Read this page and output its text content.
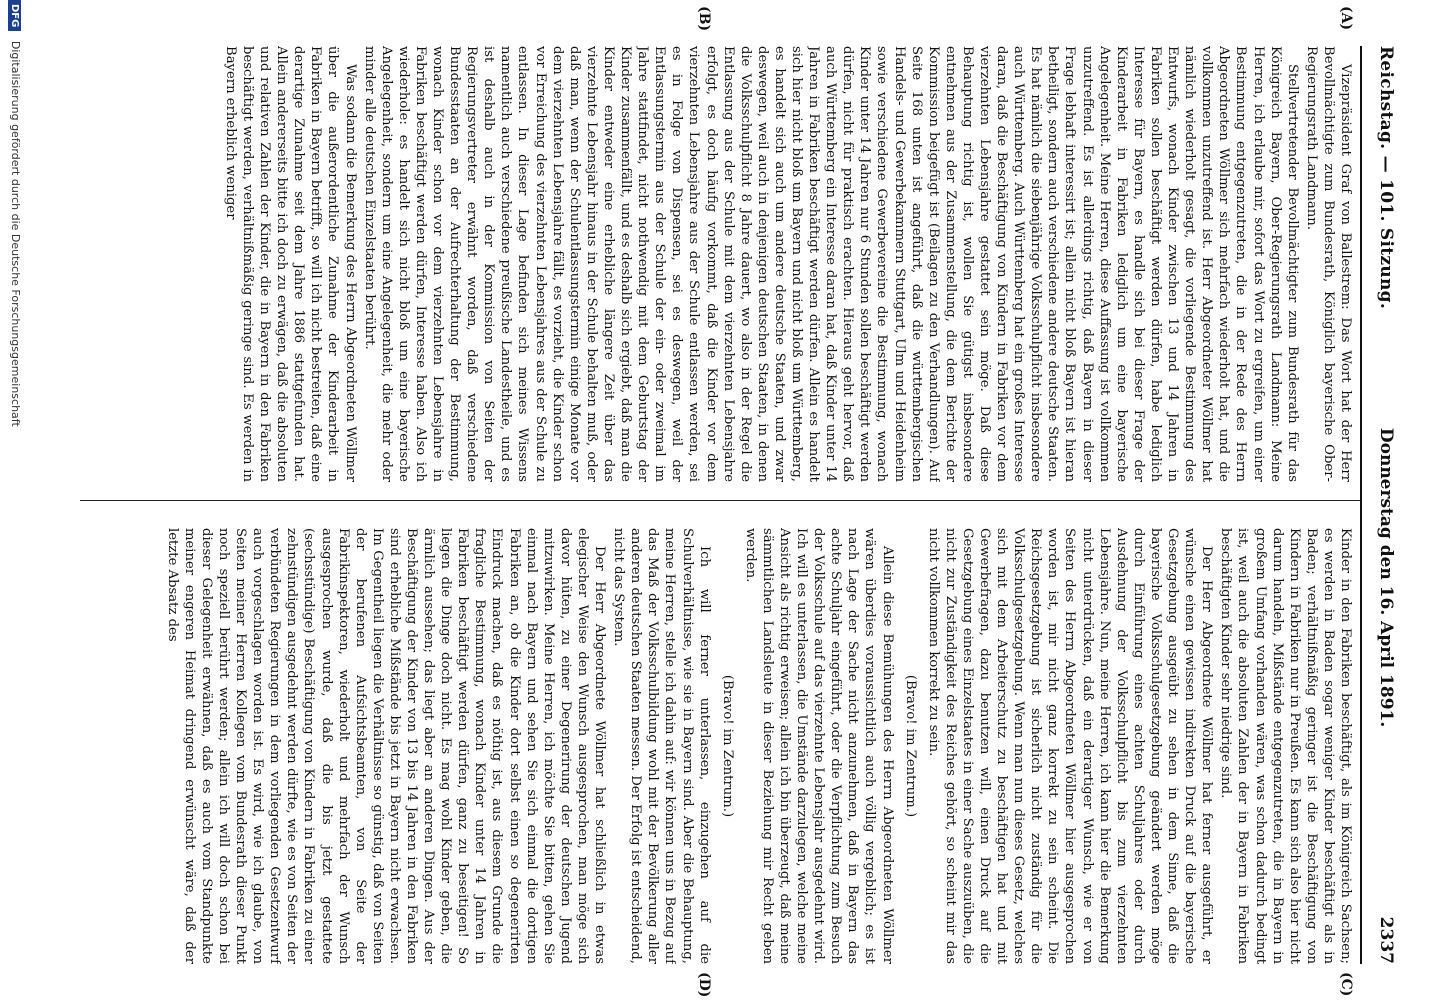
Reichstag. — 101. Sitzung.
Donnerstag den 16. April 1891.                                2337
(A)
(B)
(C)
(D)

Vizepräsident Graf von Ballestrem: Das Wort hat der Herr Bevollmächtigte zum Bundesrath, Königlich bayerische Ober-Regierungsrath Landmann.

Stellvertretender Bevollmächtigter zum Bundesrath für das Königreich Bayern, Ober-Regierungsrath Landmann: Meine Herren, ich erlaube mir, sofort das Wort zu ergreifen, um einer Bestimmung entgegenzutreten, die in der Rede des Herrn Abgeordneten Wöllmer sich mehrfach wiederholt hat, und die vollkommen unzutreffend ist. Herr Abgeordneter Wöllmer hat nämlich wiederholt gesagt, die vorliegende Bestimmung des Entwurfs, wonach Kinder zwischen 13 und 14 Jahren in Fabriken sollen beschäftigt werden dürfen, habe lediglich Interesse für Bayern, es handle sich bei dieser Frage der Kinderarbeit in Fabriken lediglich um eine bayerische Angelegenheit. Meine Herren, diese Auffassung ist vollkommen unzutreffend. Es ist allerdings richtig, daß Bayern in dieser Frage lebhaft interessirt ist; allein nicht bloß Bayern ist hieran betheiligt, sondern auch verschiedene andere deutsche Staaten. Es hat nämlich die siebenjährige Volksschulpflicht insbesondere auch Württemberg. Auch Württemberg hat ein großes Interesse daran, daß die Beschäftigung von Kindern in Fabriken vor dem vierzehnten Lebensjahre gestattet sein möge. Daß diese Behauptung richtig ist, wollen Sie gütigst insbesondere entnehmen aus der Zusammenstellung, die dem Berichte der Kommission beigefügt ist (Beilagen zu den Verhandlungen). Auf Seite 168 unten ist angeführt, daß die württembergischen Handels- und Gewerbekammern Stuttgart, Ulm und Heidenheim sowie verschiedene Gewerbevereine die Bestimmung, wonach Kinder unter 14 Jahren nur 6 Stunden sollen beschäftigt werden dürfen, nicht für praktisch erachten. Hieraus geht hervor, daß auch Württemberg ein Interesse daran hat, daß Kinder unter 14 Jahren in Fabriken beschäftigt werden dürfen. Allein es handelt sich hier nicht bloß um Bayern und nicht bloß um Württemberg, es handelt sich auch um andere deutsche Staaten, und zwar deswegen, weil auch in denjenigen deutschen Staaten, in denen die Volksschulpflicht 8 Jahre dauert, wo also in der Regel die Entlassung aus der Schule mit dem vierzehnten Lebensjahre erfolgt, es doch häufig vorkommt, daß die Kinder vor dem vierzehnten Lebensjahre aus der Schule entlassen werden, sei es in Folge von Dispensen, sei es deswegen, weil der Entlassungstermin aus der Schule der ein- oder zweimal im Jahre stattfindet, nicht nothwendig mit dem Geburtstag der Kinder zusammenfällt, und es deshalb sich ergiebt, daß man die Kinder entweder eine erhebliche längere Zeit über das vierzehnte Lebensjahr hinaus in der Schule behalten muß, oder daß man, wenn der Schulentlassungstermin einige Monate vor dem vierzehnten Lebensjahre fällt, es vorzieht, die Kinder schon vor Erreichung des vierzehnten Lebensjahres aus der Schule zu entlassen. In dieser Lage befinden sich meines Wissens namentlich auch verschiedene preußische Landestheile, und es ist deshalb auch in der Kommission von Seiten der Regierungsvertreter erwähnt worden, daß verschiedene Bundesstaaten an der Aufrechterhaltung der Bestimmung, wonach Kinder schon vor dem vierzehnten Lebensjahre in Fabriken beschäftigt werden dürfen, Interesse haben. Also ich wiederhole: es handelt sich nicht bloß um eine bayerische Angelegenheit, sondern um eine Angelegenheit, die mehr oder minder alle deutschen Einzelstaaten berührt.

Was sodann die Bemerkung des Herrn Abgeordneten Wöllmer über die außerordentliche Zunahme der Kinderarbeit in Fabriken in Bayern betrifft, so will ich nicht bestreiten, daß eine derartige Zunahme seit dem Jahre 1886 stattgefunden hat. Allein andererseits bitte ich doch zu erwägen, daß die absoluten und relativen Zahlen der Kinder, die in Bayern in den Fabriken beschäftigt werden, verhältnißmäßig geringe sind. Es werden in Bayern erheblich weniger

Kinder in den Fabriken beschäftigt, als im Königreich Sachsen; es werden in Baden sogar weniger Kinder beschäftigt als in Baden; verhältnißmäßig geringer ist die Beschäftigung von Kindern in Fabriken nur in Preußen. Es kann sich also hier nicht darum handeln, Mißstände entgegenzutreten, die in Bayern in großem Umfang vorhanden wären, was schon dadurch bedingt ist, weil auch die absoluten Zahlen der in Bayern in Fabriken beschäftigten Kinder sehr niedrige sind.

Der Herr Abgeordnete Wöllmer hat ferner ausgeführt, er wünsche einen gewissen indirekten Druck auf die bayerische Gesetzgebung ausgeübt zu sehen in dem Sinne, daß die bayerische Volksschulgesetzgebung geändert werden möge durch Einführung eines achten Schuljahres oder durch Ausdehnung der Volksschulpflicht bis zum vierzehnten Lebensjahre. Nun, meine Herren, ich kann hier die Bemerkung nicht unterdrücken, daß ein derartiger Wunsch, wie er von Seiten des Herrn Abgeordneten Wöllmer hier ausgesprochen worden ist, mir nicht ganz korrekt zu sein scheint. Die Reichsgesetzgebung ist sicherlich nicht zuständig für die Volksschulgesetzgebung. Wenn man nun dieses Gesetz, welches sich mit dem Arbeiterschutz zu beschäftigen hat und mit Gewerbefragen, dazu benutzen will, einen Druck auf die Gesetzgebung eines Einzelstaates in einer Sache auszuüben, die nicht zur Zuständigkeit des Reiches gehört, so scheint mir das nicht vollkommen korrekt zu sein.

(Bravo! im Zentrum.)

Allein diese Bemühungen des Herrn Abgeordneten Wöllmer wären überdies voraussichtlich auch völlig vergeblich; es ist nach Lage der Sache nicht anzunehmen, daß in Bayern das achte Schuljahr eingeführt, oder die Verpflichtung zum Besuch der Volksschule auf das vierzehnte Lebensjahr ausgedehnt wird. Ich will es unterlassen, die Umstände darzulegen, welche meine Ansicht als richtig erweisen; allein ich bin überzeugt, daß meine sämmtlichen Landsleute in dieser Beziehung mir Recht geben werden.

(Bravo! im Zentrum.)

Ich will ferner unterlassen, einzugehen auf die Schulverhältnisse, wie sie in Bayern sind. Aber die Behauptung, meine Herren, stelle ich dahin auf: wir können uns in Bezug auf das Maß der Volksschulbildung wohl mit der Bevölkerung aller anderen deutschen Staaten messen. Der Erfolg ist entscheidend, nicht das System.

Der Herr Abgeordnete Wöllmer hat schließlich in etwas elegischer Weise den Wunsch ausgesprochen, man möge sich davor hüten, zu einer Degenerirung der deutschen Jugend mitzuwirken. Meine Herren, ich möchte Sie bitten, gehen Sie einmal nach Bayern und sehen Sie sich einmal die dortigen Fabriken an, ob die Kinder dort selbst einen so degenerirten Eindruck machen, daß es nöthig ist, aus diesem Grunde die fragliche Bestimmung, wonach Kinder unter 14 Jahren in Fabriken beschäftigt werden dürfen, ganz zu beseitigen! So liegen die Dinge doch nicht. Es mag wohl Kinder geben, die ärmlich aussehen; das liegt aber an anderen Dingen. Aus der Beschäftigung der Kinder von 13 bis 14 Jahren in den Fabriken sind erhebliche Mißstände bis jetzt in Bayern nicht erwachsen. Im Gegentheil liegen die Verhältnisse so günstig, daß von Seiten der berufenen Aufsichtsbeamten, von Seite der Fabrikinspektoren, wiederholt und mehrfach der Wunsch ausgesprochen wurde, daß die bis jetzt gestattete (sechsstündige) Beschäftigung von Kindern in Fabriken zu einer zehnstündigen ausgedehnt werden dürfte, wie es von Seiten der verbündeten Regierungen in dem vorliegenden Gesetzentwurf auch vorgeschlagen worden ist. Es wird, wie ich glaube, von Seiten meiner Herren Kollegen vom Bundesrath dieser Punkt noch speziell berührt werden; allein ich will doch schon bei dieser Gelegenheit erwähnen, daß es auch vom Standpunkte meiner engeren Heimat dringend erwünscht wäre, daß der letzte Absatz des

DFG Digitalisierung gefördert durch die Deutsche Forschungsgemeinschaft
